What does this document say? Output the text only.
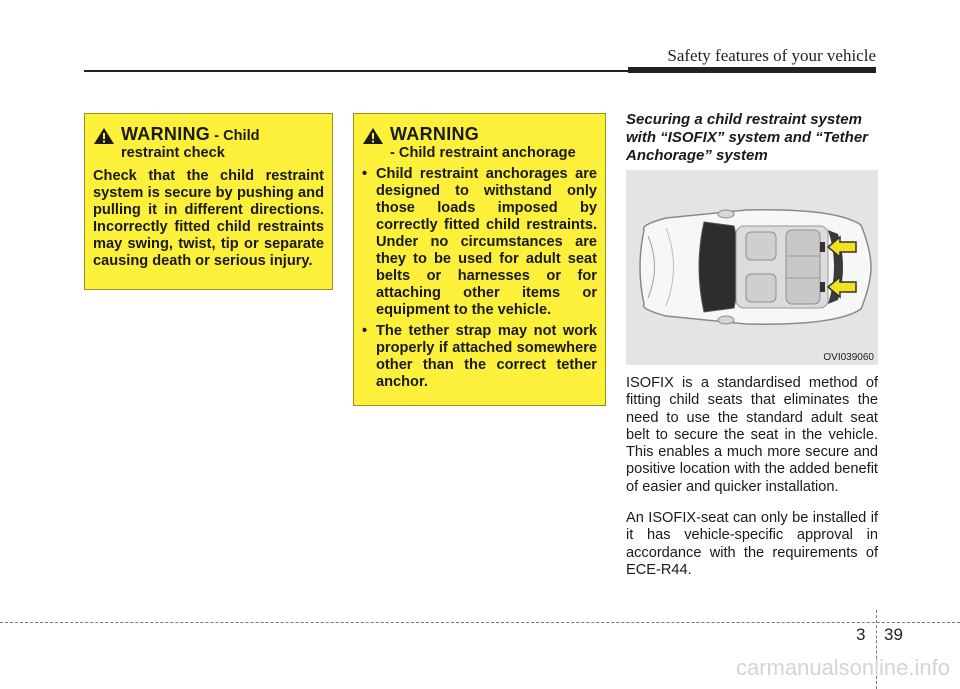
Safety features of your vehicle
WARNING - Child
restraint check
Check that the child restraint system is secure by pushing and pulling it in different directions. Incorrectly fitted child restraints may swing, twist, tip or separate causing death or serious injury.
WARNING
- Child restraint anchorage
• Child restraint anchorages are designed to withstand only those loads imposed by correctly fitted child restraints. Under no circumstances are they to be used for adult seat belts or harnesses or for attaching other items or equipment to the vehicle.
• The tether strap may not work properly if attached somewhere other than the correct tether anchor.
Securing a child restraint system with “ISOFIX” system and “Tether Anchorage” system
OVI039060
ISOFIX is a standardised method of fitting child seats that eliminates the need to use the standard adult seat belt to secure the seat in the vehicle. This enables a much more secure and positive location with the added benefit of easier and quicker installation.
An ISOFIX-seat can only be installed if it has vehicle-specific approval in accordance with the requirements of ECE-R44.
3 39
carmanualsonline.info
